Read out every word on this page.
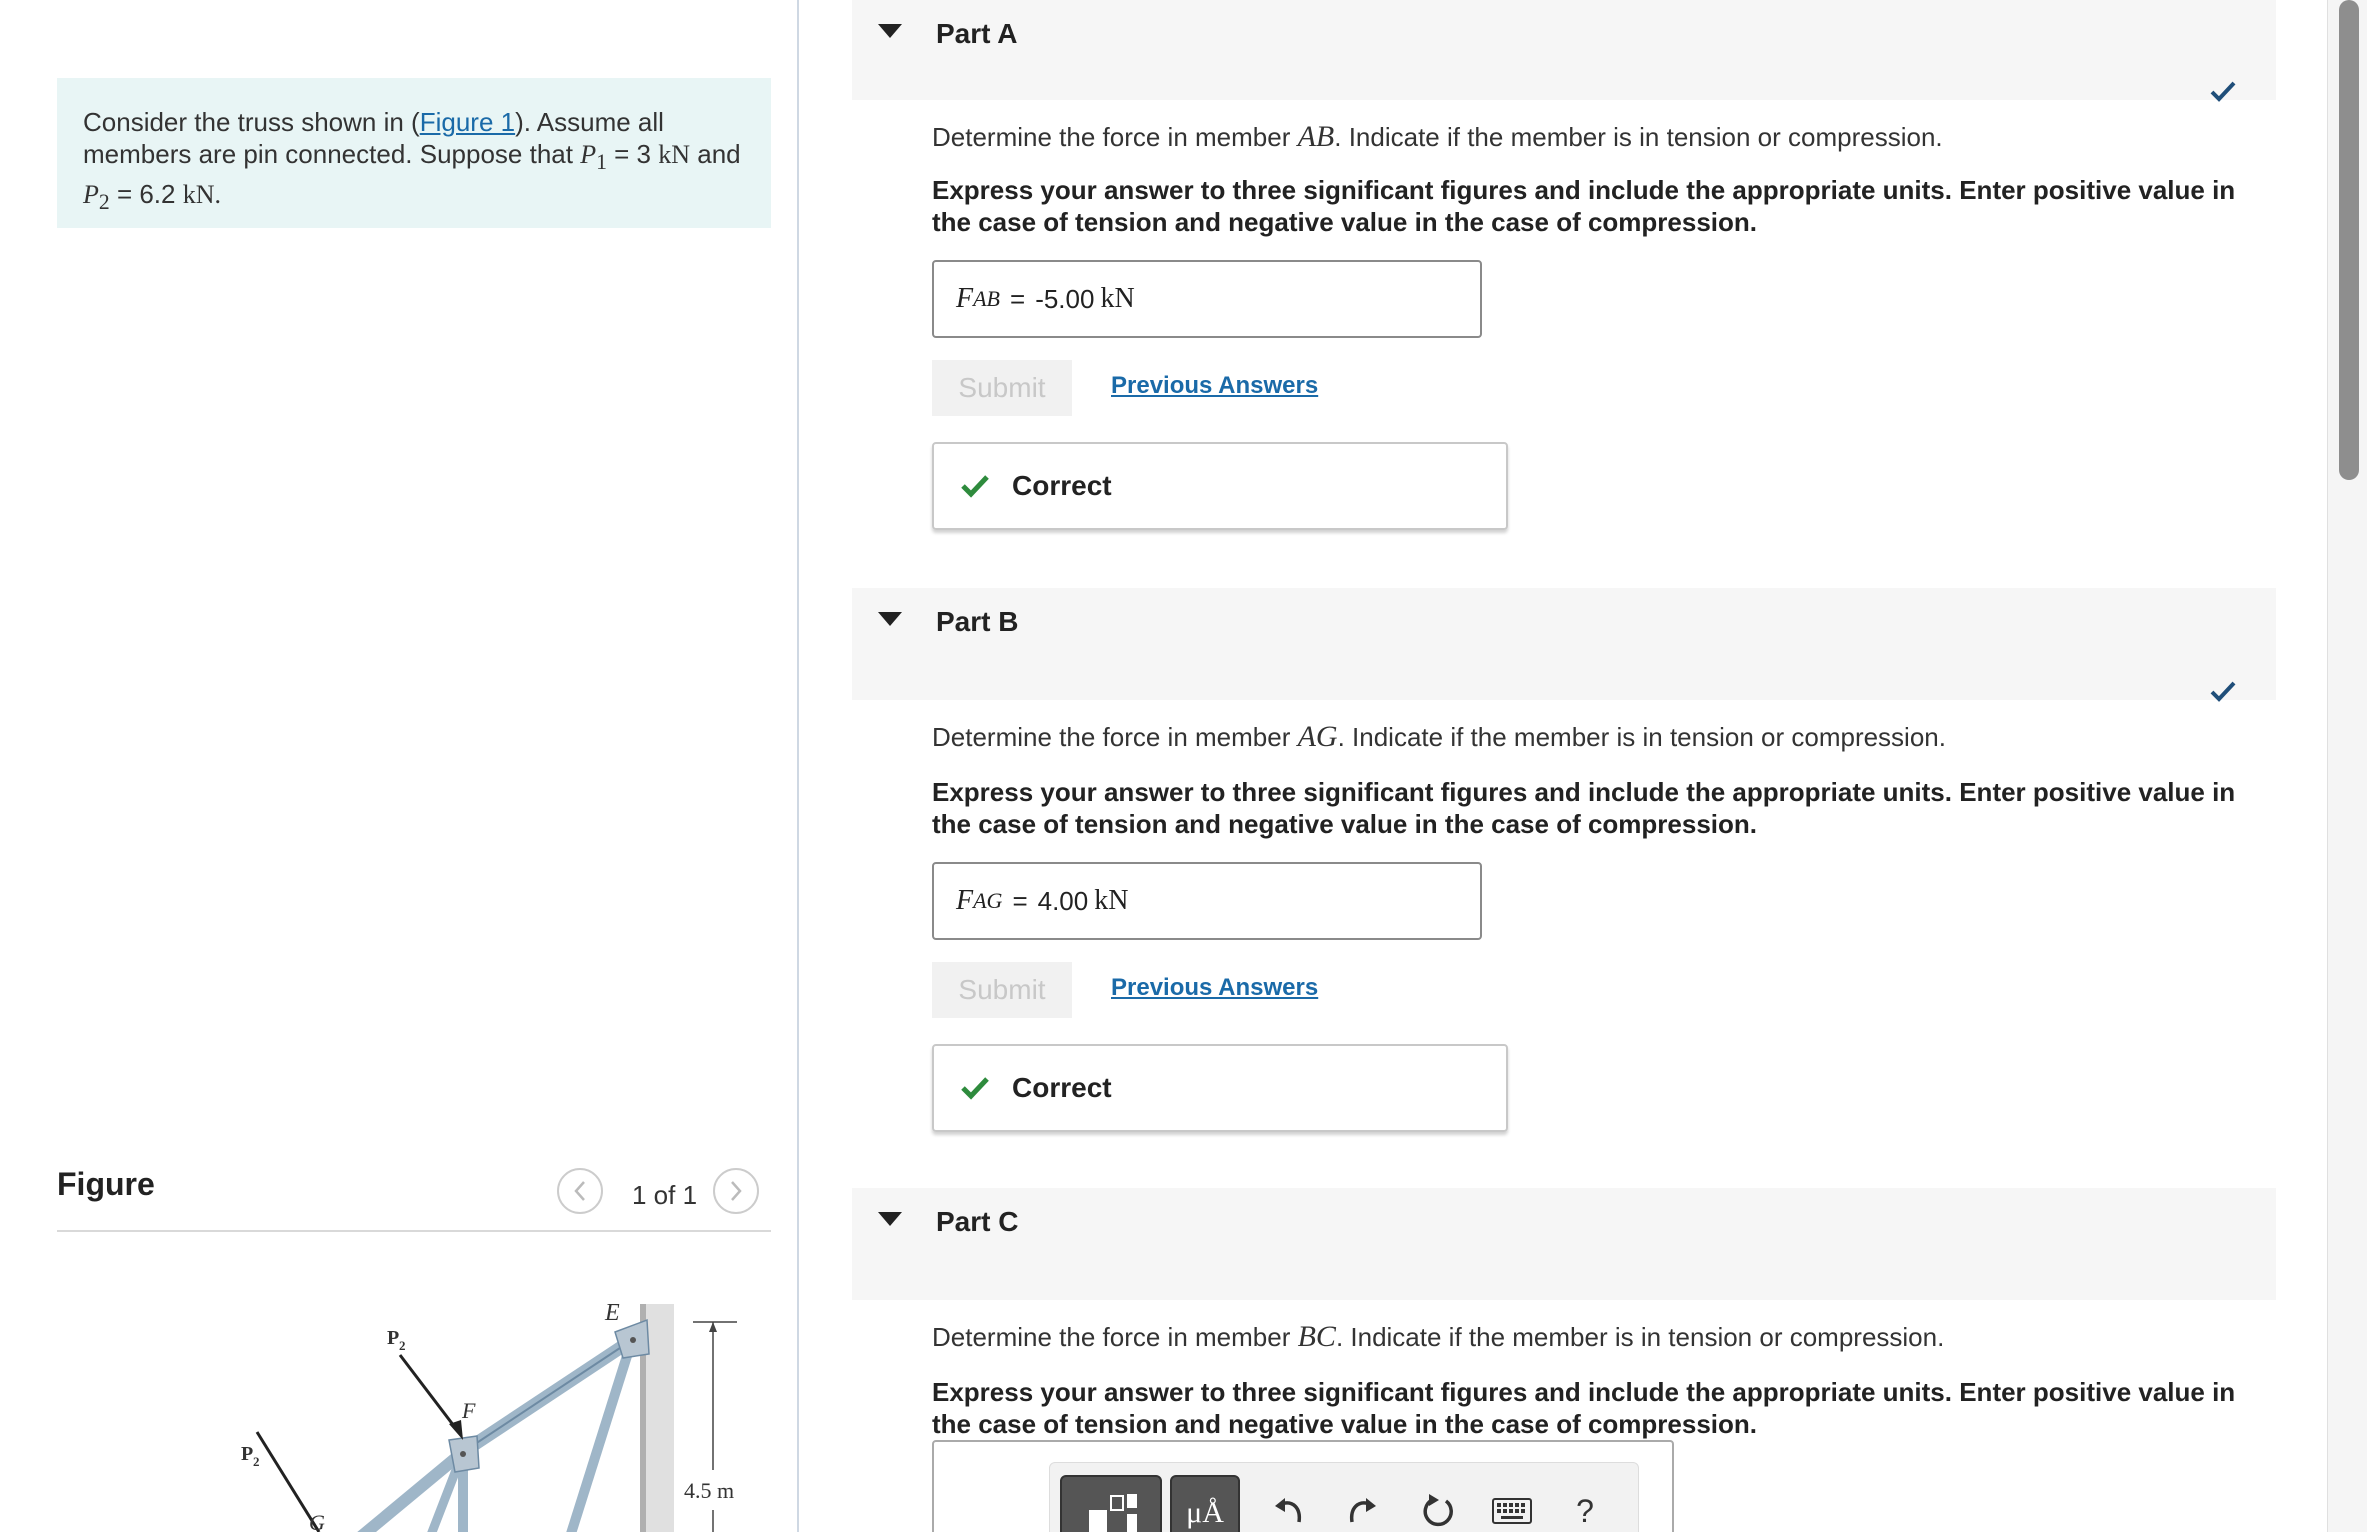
Consider the truss shown in (Figure 1). Assume all members are pin connected. Suppose that $P_1 = 3$ kN and $P_2 = 6.2$ kN.
Figure	1 of 1
E
F
G
P 2
P 2
4.5 m
Part A
Determine the force in member AB. Indicate if the member is in tension or compression.
Express your answer to three significant figures and include the appropriate units. Enter positive value in the case of tension and negative value in the case of compression.
F AB = -5.00 kN
Submit	Previous Answers
Correct
Part B
Determine the force in member AG. Indicate if the member is in tension or compression.
Express your answer to three significant figures and include the appropriate units. Enter positive value in the case of tension and negative value in the case of compression.
F AG = 4.00 kN
Submit	Previous Answers
Correct
Part C
Determine the force in member BC. Indicate if the member is in tension or compression.
Express your answer to three significant figures and include the appropriate units. Enter positive value in the case of tension and negative value in the case of compression.
μÅ	?
